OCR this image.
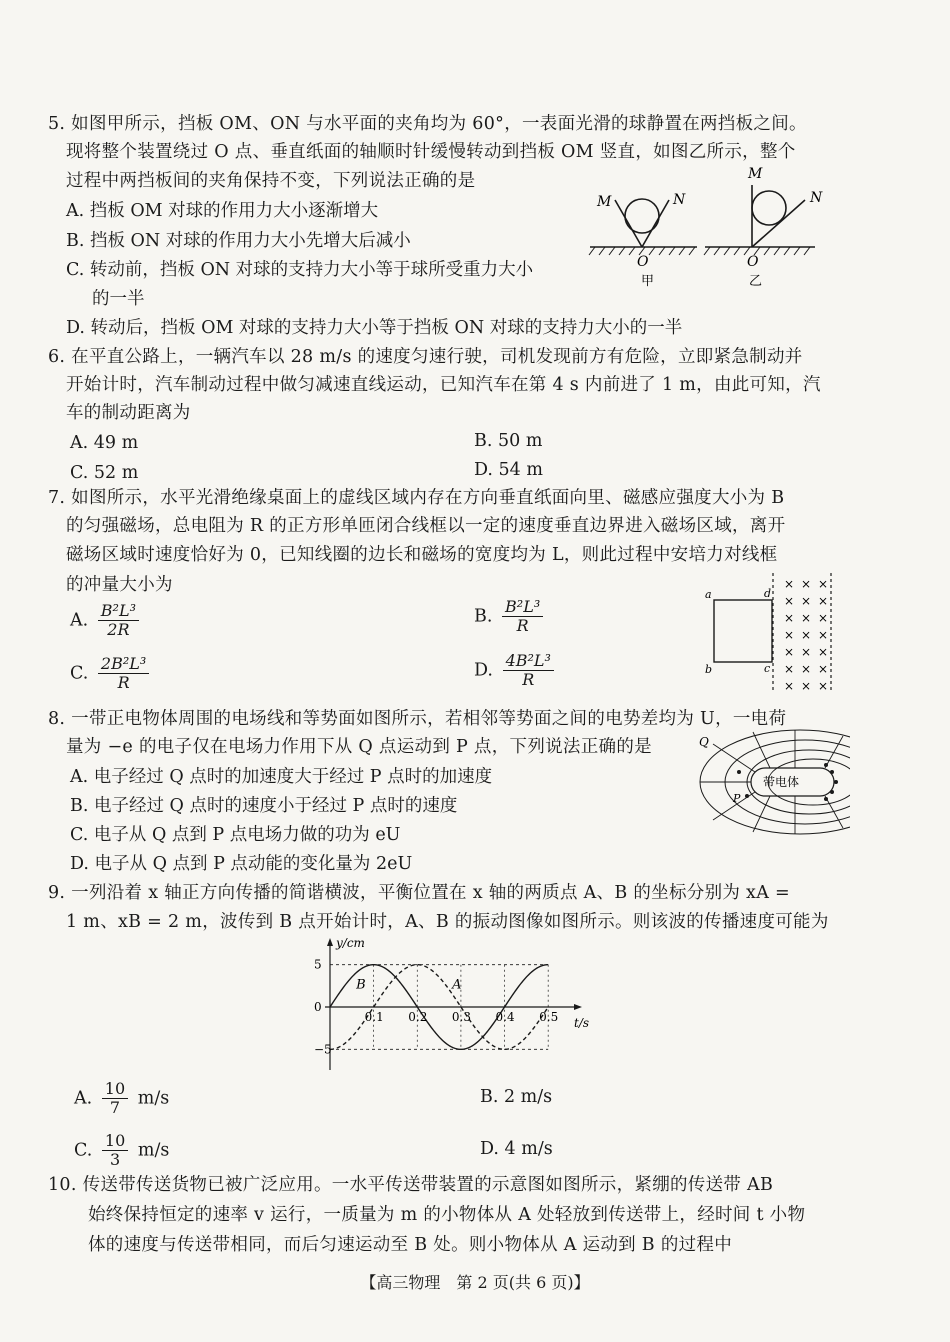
5. 如图甲所示，挡板 OM、ON 与水平面的夹角均为 60°，一表面光滑的球静置在两挡板之间。
现将整个装置绕过 O 点、垂直纸面的轴顺时针缓慢转动到挡板 OM 竖直，如图乙所示，整个
过程中两挡板间的夹角保持不变，下列说法正确的是
A. 挡板 OM 对球的作用力大小逐渐增大
B. 挡板 ON 对球的作用力大小先增大后减小
C. 转动前，挡板 ON 对球的支持力大小等于球所受重力大小
的一半
D. 转动后，挡板 OM 对球的支持力大小等于挡板 ON 对球的支持力大小的一半
M	N
O
甲
M
N
O
乙
6. 在平直公路上，一辆汽车以 28 m/s 的速度匀速行驶，司机发现前方有危险，立即紧急制动并
开始计时，汽车制动过程中做匀减速直线运动，已知汽车在第 4 s 内前进了 1 m，由此可知，汽
车的制动距离为
A. 49 m	B. 50 m
C. 52 m	D. 54 m
7. 如图所示，水平光滑绝缘桌面上的虚线区域内存在方向垂直纸面向里、磁感应强度大小为 B
的匀强磁场，总电阻为 R 的正方形单匝闭合线框以一定的速度垂直边界进入磁场区域，离开
磁场区域时速度恰好为 0，已知线圈的边长和磁场的宽度均为 L，则此过程中安培力对线框
的冲量大小为
A. $\frac{\text{B²L³}}{2R}$	B. $\frac{\text{B²L³}}{R}$
C. $\frac{\text{2B²L³}}{R}$	D. $\frac{\text{4B²L³}}{R}$
a	d
b	c
× × ×
× × ×
× × ×
× × ×
× × ×
× × ×
× × ×
8. 一带正电物体周围的电场线和等势面如图所示，若相邻等势面之间的电势差均为 U，一电荷
量为 −e 的电子仅在电场力作用下从 Q 点运动到 P 点，下列说法正确的是
A. 电子经过 Q 点时的加速度大于经过 P 点时的加速度
B. 电子经过 Q 点时的速度小于经过 P 点时的速度
C. 电子从 Q 点到 P 点电场力做的功为 eU
D. 电子从 Q 点到 P 点动能的变化量为 2eU
Q
P
带电体
9. 一列沿着 x 轴正方向传播的简谐横波，平衡位置在 x 轴的两质点 A、B 的坐标分别为 xA =
1 m、xB = 2 m，波传到 B 点开始计时，A、B 的振动图像如图所示。则该波的传播速度可能为
0.1 0.2 0.3 0.4 0.5
5
0
−5
y/cm
t/s
B	A
A. $\frac{10}{7} m/s$	B. 2 m/s
C. $\frac{10}{3} m/s$	D. 4 m/s
10. 传送带传送货物已被广泛应用。一水平传送带装置的示意图如图所示，紧绷的传送带 AB
始终保持恒定的速率 v 运行，一质量为 m 的小物体从 A 处轻放到传送带上，经时间 t 小物
体的速度与传送带相同，而后匀速运动至 B 处。则小物体从 A 运动到 B 的过程中
【高三物理　第 2 页(共 6 页)】
